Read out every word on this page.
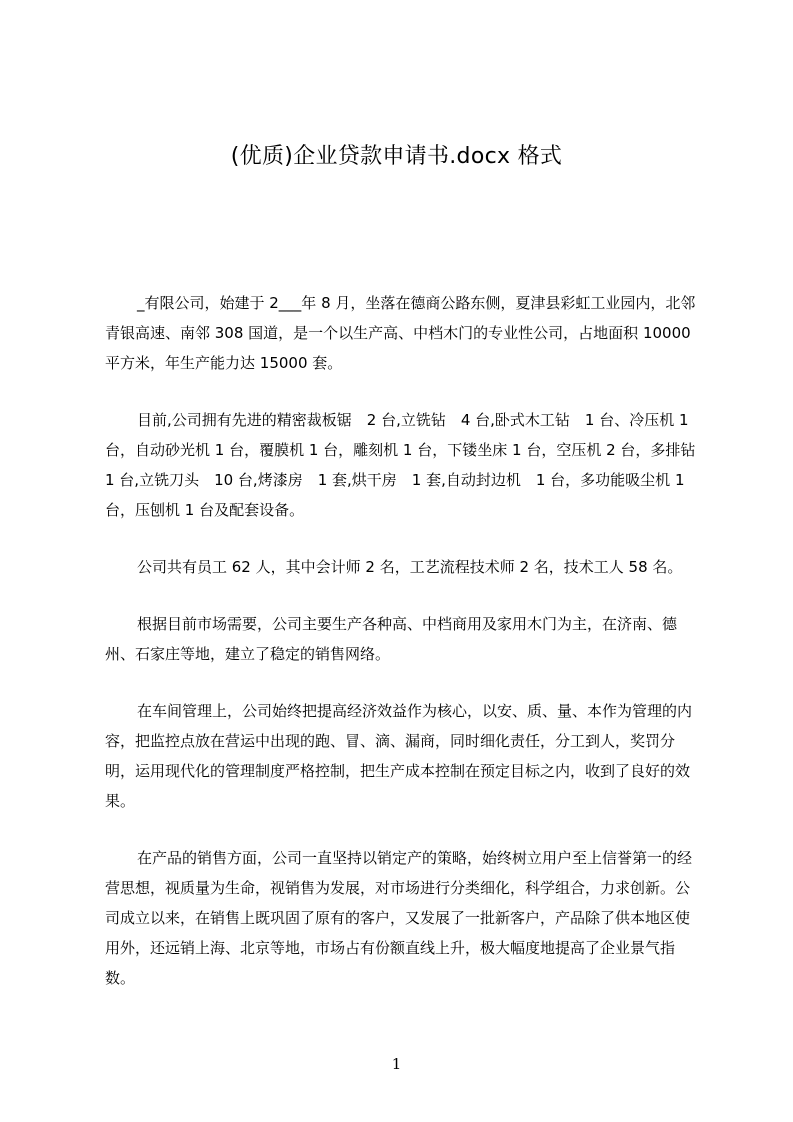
(优质)企业贷款申请书.docx 格式

_有限公司，始建于 2___年 8 月，坐落在德商公路东侧，夏津县彩虹工业园内，北邻青银高速、南邻 308 国道，是一个以生产高、中档木门的专业性公司，占地面积 10000 平方米，年生产能力达 15000 套。

目前,公司拥有先进的精密裁板锯　2 台,立铣钻　4 台,卧式木工钻　1 台、冷压机 1 台，自动砂光机 1 台，覆膜机 1 台，雕刻机 1 台，下镂坐床 1 台，空压机 2 台，多排钻 1 台,立铣刀头　10 台,烤漆房　1 套,烘干房　1 套,自动封边机　1 台，多功能吸尘机 1 台，压刨机 1 台及配套设备。

公司共有员工 62 人，其中会计师 2 名，工艺流程技术师 2 名，技术工人 58 名。

根据目前市场需要，公司主要生产各种高、中档商用及家用木门为主，在济南、德州、石家庄等地，建立了稳定的销售网络。

在车间管理上，公司始终把提高经济效益作为核心，以安、质、量、本作为管理的内容，把监控点放在营运中出现的跑、冒、滴、漏商，同时细化责任，分工到人，奖罚分明，运用现代化的管理制度严格控制，把生产成本控制在预定目标之内，收到了良好的效果。

在产品的销售方面，公司一直坚持以销定产的策略，始终树立用户至上信誉第一的经营思想，视质量为生命，视销售为发展，对市场进行分类细化，科学组合，力求创新。公司成立以来，在销售上既巩固了原有的客户，又发展了一批新客户，产品除了供本地区使用外，还远销上海、北京等地，市场占有份额直线上升，极大幅度地提高了企业景气指数。

1
